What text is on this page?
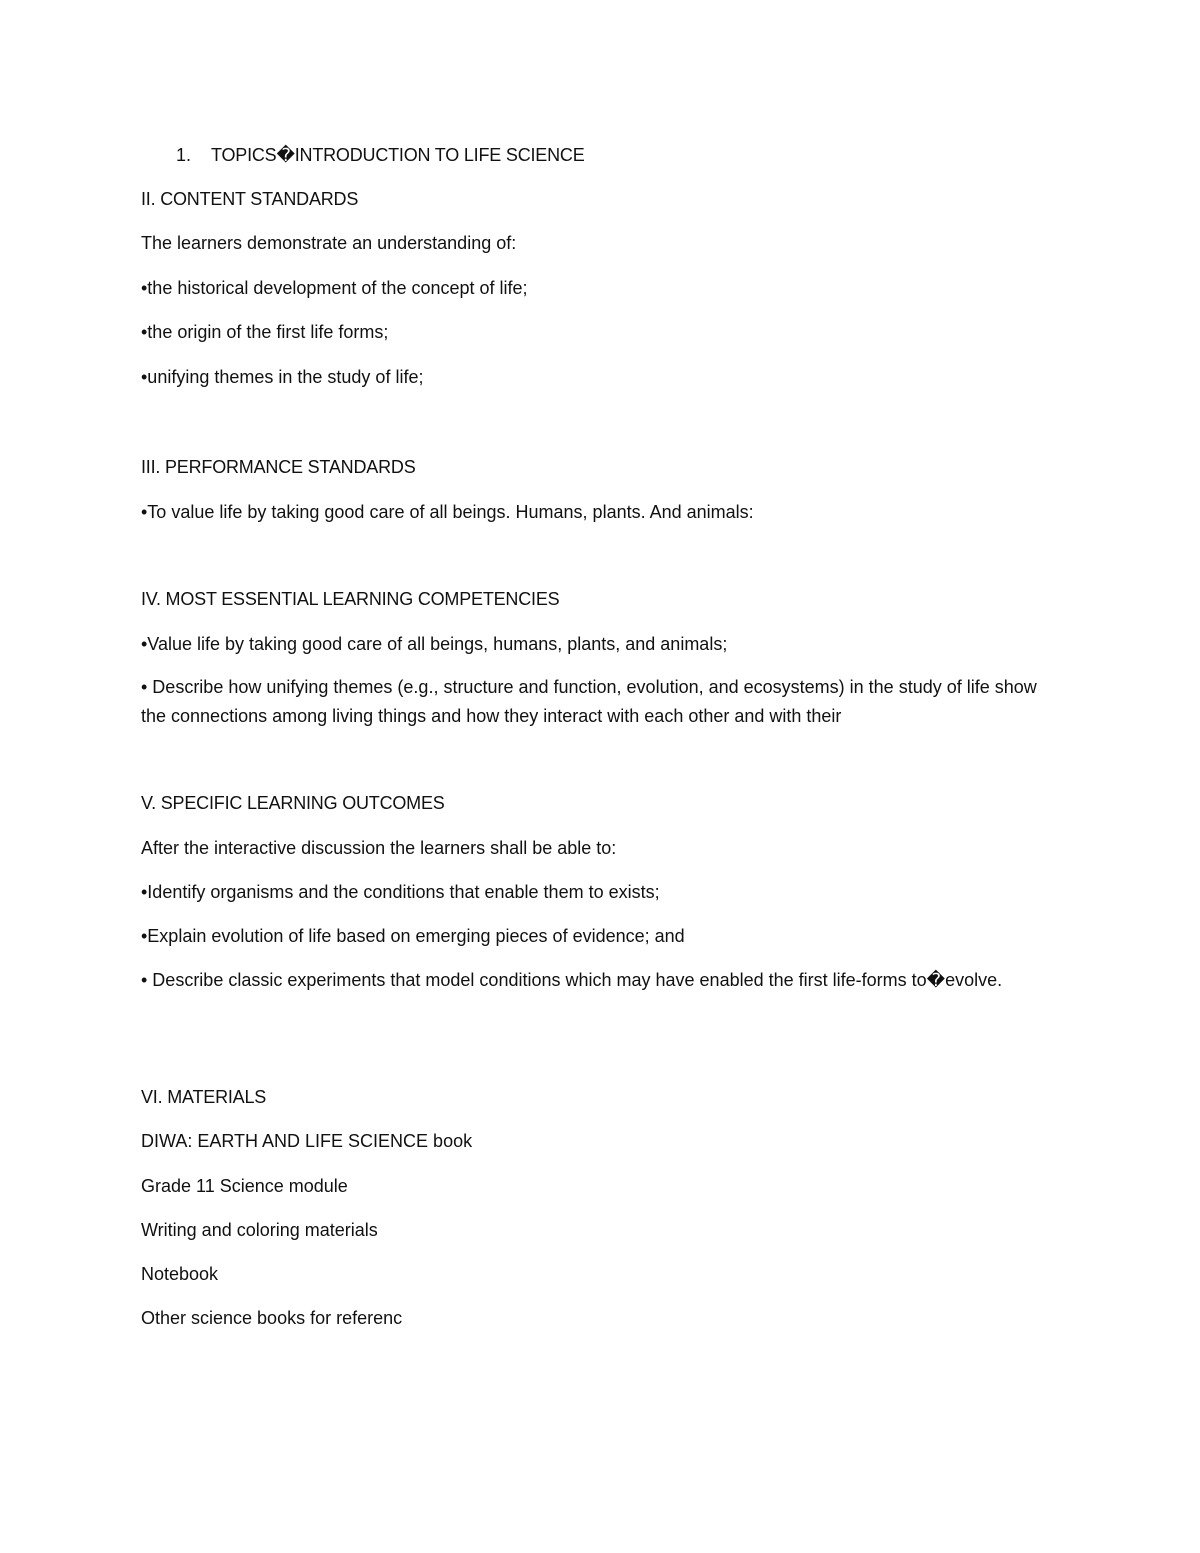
1. TOPICS�INTRODUCTION TO LIFE SCIENCE
II. CONTENT STANDARDS
The learners demonstrate an understanding of:
•the historical development of the concept of life;
•the origin of the first life forms;
•unifying themes in the study of life;
III. PERFORMANCE STANDARDS
•To value life by taking good care of all beings. Humans, plants. And animals:
IV. MOST ESSENTIAL LEARNING COMPETENCIES
•Value life by taking good care of all beings, humans, plants, and animals;
• Describe how unifying themes (e.g., structure and function, evolution, and ecosystems) in the study of life show the connections among living things and how they interact with each other and with their
V. SPECIFIC LEARNING OUTCOMES
After the interactive discussion the learners shall be able to:
•Identify organisms and the conditions that enable them to exists;
•Explain evolution of life based on emerging pieces of evidence; and
• Describe classic experiments that model conditions which may have enabled the first life-forms to�evolve.
VI. MATERIALS
DIWA: EARTH AND LIFE SCIENCE book
Grade 11 Science module
Writing and coloring materials
Notebook
Other science books for referenc
